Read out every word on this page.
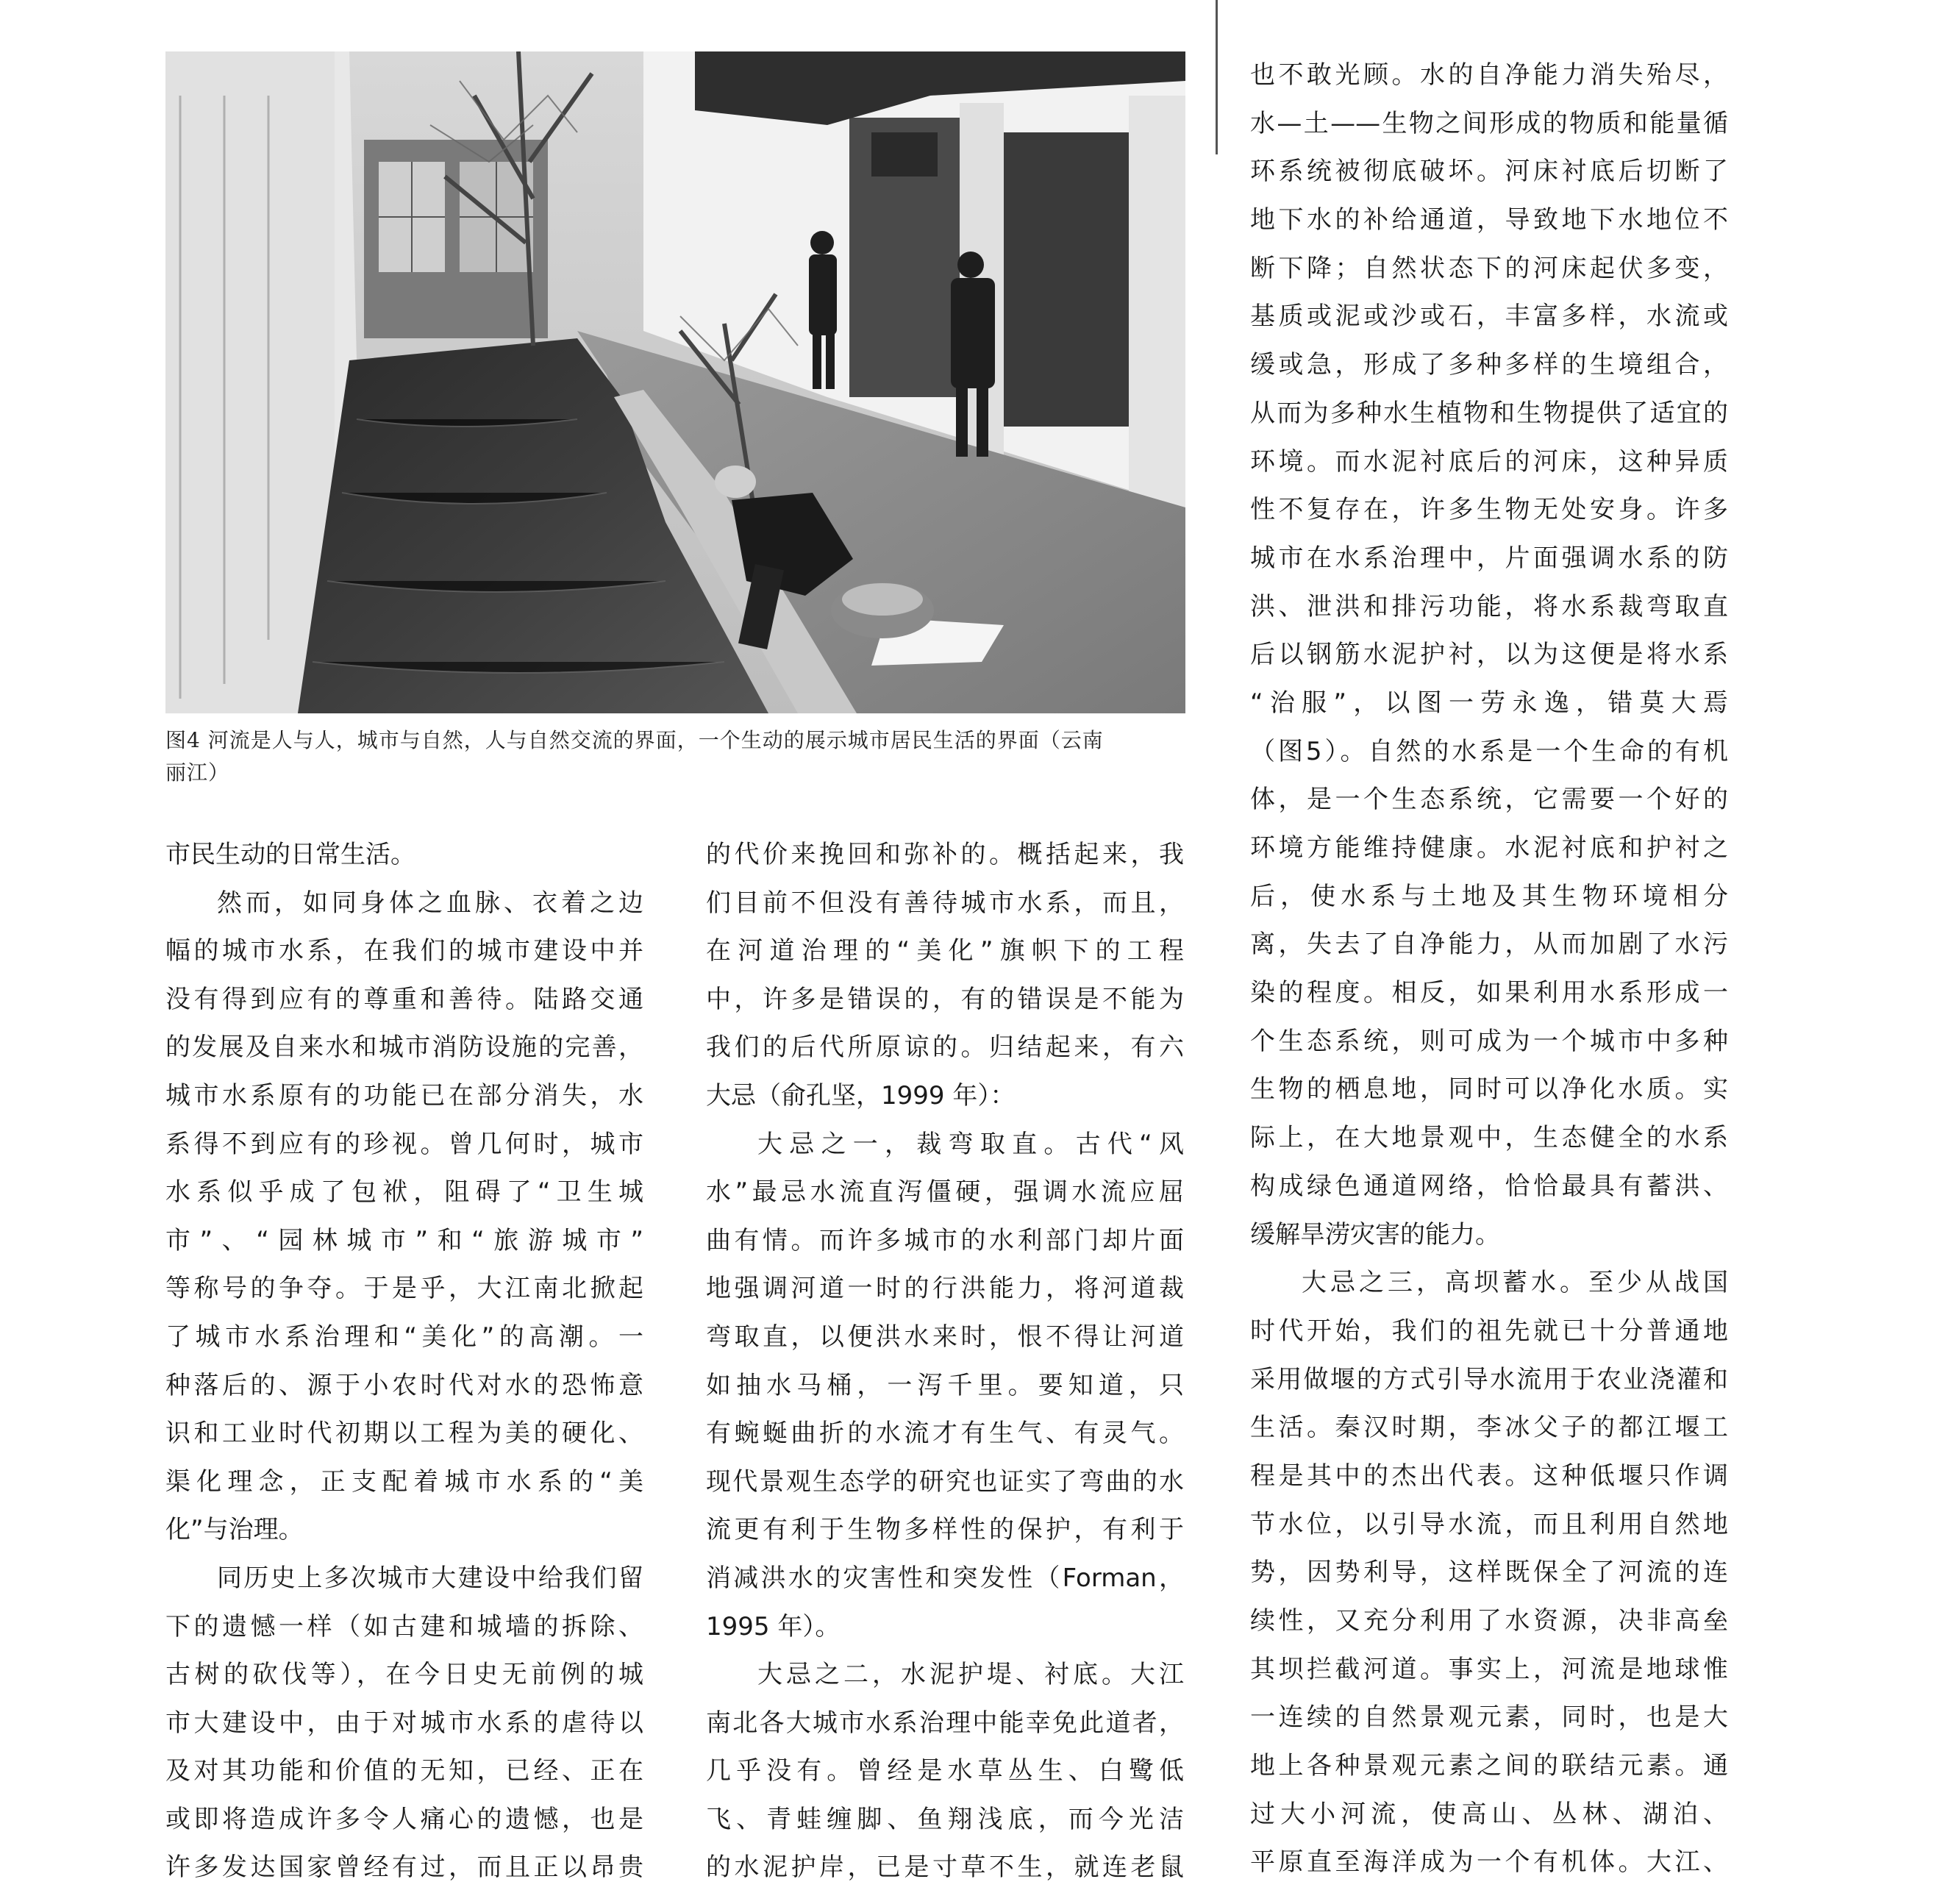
图4 河流是人与人，城市与自然，人与自然交流的界面，一个生动的展示城市居民生活的界面（云南
丽江）
市民生动的日常生活。
然而，如同身体之血脉、衣着之边
幅的城市水系，在我们的城市建设中并
没有得到应有的尊重和善待。陆路交通
的发展及自来水和城市消防设施的完善，
城市水系原有的功能已在部分消失，水
系得不到应有的珍视。曾几何时，城市
水系似乎成了包袱，阻碍了“卫生城
市”、“园林城市”和“旅游城市”
等称号的争夺。于是乎，大江南北掀起
了城市水系治理和“美化”的高潮。一
种落后的、源于小农时代对水的恐怖意
识和工业时代初期以工程为美的硬化、
渠化理念，正支配着城市水系的“美
化”与治理。
同历史上多次城市大建设中给我们留
下的遗憾一样（如古建和城墙的拆除、
古树的砍伐等），在今日史无前例的城
市大建设中，由于对城市水系的虐待以
及对其功能和价值的无知，已经、正在
或即将造成许多令人痛心的遗憾，也是
许多发达国家曾经有过，而且正以昂贵
的代价来挽回和弥补的。概括起来，我
们目前不但没有善待城市水系，而且，
在河道治理的“美化”旗帜下的工程
中，许多是错误的，有的错误是不能为
我们的后代所原谅的。归结起来，有六
大忌（俞孔坚，1999 年）：
大忌之一，裁弯取直。古代“风
水”最忌水流直泻僵硬，强调水流应屈
曲有情。而许多城市的水利部门却片面
地强调河道一时的行洪能力，将河道裁
弯取直，以便洪水来时，恨不得让河道
如抽水马桶，一泻千里。要知道，只
有蜿蜒曲折的水流才有生气、有灵气。
现代景观生态学的研究也证实了弯曲的水
流更有利于生物多样性的保护，有利于
消减洪水的灾害性和突发性（Forman，
1995 年）。
大忌之二，水泥护堤、衬底。大江
南北各大城市水系治理中能幸免此道者，
几乎没有。曾经是水草丛生、白鹭低
飞、青蛙缠脚、鱼翔浅底，而今光洁
的水泥护岸，已是寸草不生，就连老鼠
也不敢光顾。水的自净能力消失殆尽，
水—土——生物之间形成的物质和能量循
环系统被彻底破坏。河床衬底后切断了
地下水的补给通道，导致地下水地位不
断下降；自然状态下的河床起伏多变，
基质或泥或沙或石，丰富多样，水流或
缓或急，形成了多种多样的生境组合，
从而为多种水生植物和生物提供了适宜的
环境。而水泥衬底后的河床，这种异质
性不复存在，许多生物无处安身。许多
城市在水系治理中，片面强调水系的防
洪、泄洪和排污功能，将水系裁弯取直
后以钢筋水泥护衬，以为这便是将水系
“治服”，以图一劳永逸，错莫大焉
（图5）。自然的水系是一个生命的有机
体，是一个生态系统，它需要一个好的
环境方能维持健康。水泥衬底和护衬之
后，使水系与土地及其生物环境相分
离，失去了自净能力，从而加剧了水污
染的程度。相反，如果利用水系形成一
个生态系统，则可成为一个城市中多种
生物的栖息地，同时可以净化水质。实
际上，在大地景观中，生态健全的水系
构成绿色通道网络，恰恰最具有蓄洪、
缓解旱涝灾害的能力。
大忌之三，高坝蓄水。至少从战国
时代开始，我们的祖先就已十分普通地
采用做堰的方式引导水流用于农业浇灌和
生活。秦汉时期，李冰父子的都江堰工
程是其中的杰出代表。这种低堰只作调
节水位，以引导水流，而且利用自然地
势，因势利导，这样既保全了河流的连
续性，又充分利用了水资源，决非高垒
其坝拦截河道。事实上，河流是地球惟
一连续的自然景观元素，同时，也是大
地上各种景观元素之间的联结元素。通
过大小河流，使高山、丛林、湖泊、
平原直至海洋成为一个有机体。大江、
